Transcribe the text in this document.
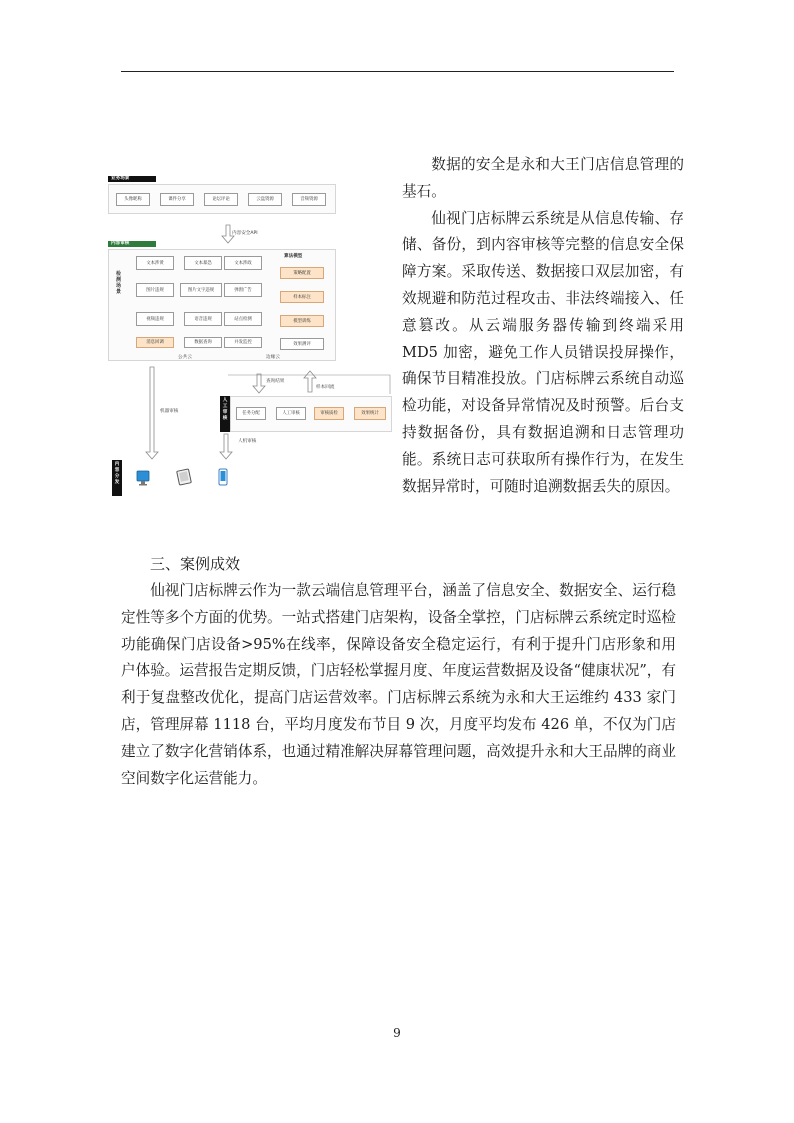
业务场景
头像昵称	课件分享	论坛评论	云盘资源	音频资源
内容安全API
内容审核
检测场景
文本涉黄	文本暴恐	文本涉政
图片违规	图片文字违规	弹窗广告
视频违规	语音违规	站点检测
消息回调	数据查询	并发监控
算法模型
策略配置
样本标注
模型训练
效果测评
公共云	边缘云
查询结果
样本回流
机器审核
人工审核
任务分配	人工审核	审核质检	效果统计
人机审核
内容分发

数据的安全是永和大王门店信息管理的基石。

仙视门店标牌云系统是从信息传输、存储、备份，到内容审核等完整的信息安全保障方案。采取传送、数据接口双层加密，有效规避和防范过程攻击、非法终端接入、任意篡改。从云端服务器传输到终端采用 MD5 加密，避免工作人员错误投屏操作，确保节目精准投放。门店标牌云系统自动巡检功能，对设备异常情况及时预警。后台支持数据备份，具有数据追溯和日志管理功能。系统日志可获取所有操作行为，在发生数据异常时，可随时追溯数据丢失的原因。

三、案例成效

仙视门店标牌云作为一款云端信息管理平台，涵盖了信息安全、数据安全、运行稳定性等多个方面的优势。一站式搭建门店架构，设备全掌控，门店标牌云系统定时巡检功能确保门店设备>95%在线率，保障设备安全稳定运行，有利于提升门店形象和用户体验。运营报告定期反馈，门店轻松掌握月度、年度运营数据及设备“健康状况”，有利于复盘整改优化，提高门店运营效率。门店标牌云系统为永和大王运维约 433 家门店，管理屏幕 1118 台，平均月度发布节目 9 次，月度平均发布 426 单，不仅为门店建立了数字化营销体系，也通过精准解决屏幕管理问题，高效提升永和大王品牌的商业空间数字化运营能力。

9
